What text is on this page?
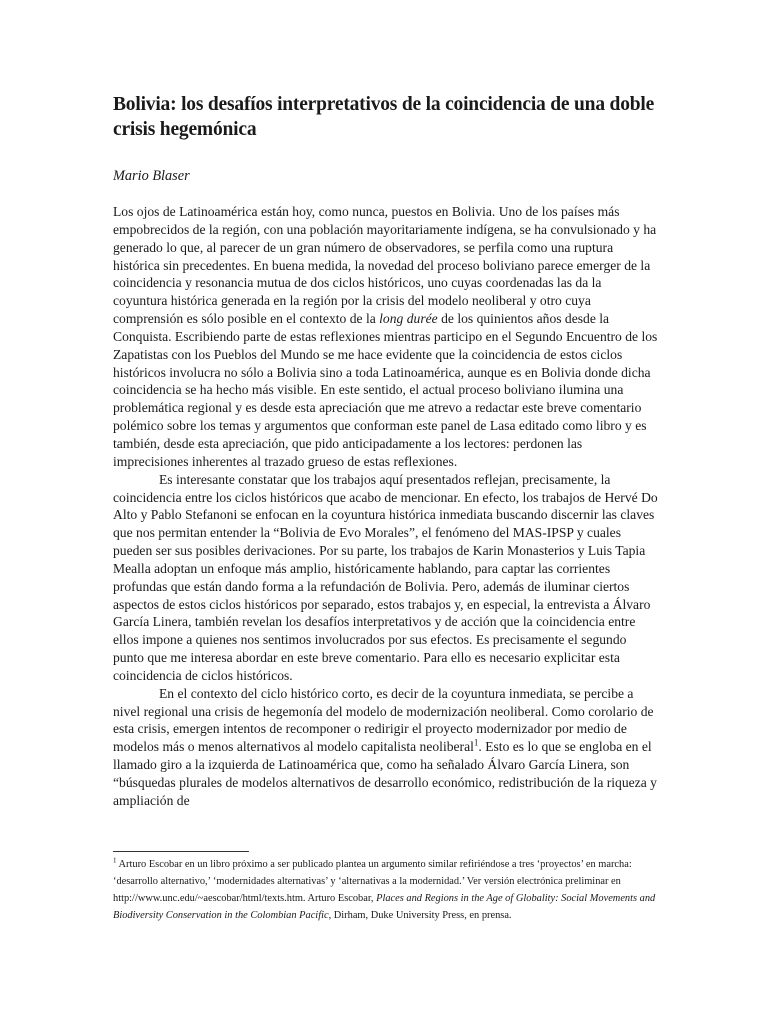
Bolivia: los desafíos interpretativos de la coincidencia de una doble crisis hegemónica
Mario Blaser

Los ojos de Latinoamérica están hoy, como nunca, puestos en Bolivia. Uno de los países más empobrecidos de la región, con una población mayoritariamente indígena, se ha convulsionado y ha generado lo que, al parecer de un gran número de observadores, se perfila como una ruptura histórica sin precedentes. En buena medida, la novedad del proceso boliviano parece emerger de la coincidencia y resonancia mutua de dos ciclos históricos, uno cuyas coordenadas las da la coyuntura histórica generada en la región por la crisis del modelo neoliberal y otro cuya comprensión es sólo posible en el contexto de la long durée de los quinientos años desde la Conquista. Escribiendo parte de estas reflexiones mientras participo en el Segundo Encuentro de los Zapatistas con los Pueblos del Mundo se me hace evidente que la coincidencia de estos ciclos históricos involucra no sólo a Bolivia sino a toda Latinoamérica, aunque es en Bolivia donde dicha coincidencia se ha hecho más visible. En este sentido, el actual proceso boliviano ilumina una problemática regional y es desde esta apreciación que me atrevo a redactar este breve comentario polémico sobre los temas y argumentos que conforman este panel de Lasa editado como libro y es también, desde esta apreciación, que pido anticipadamente a los lectores: perdonen las imprecisiones inherentes al trazado grueso de estas reflexiones.

Es interesante constatar que los trabajos aquí presentados reflejan, precisamente, la coincidencia entre los ciclos históricos que acabo de mencionar. En efecto, los trabajos de Hervé Do Alto y Pablo Stefanoni se enfocan en la coyuntura histórica inmediata buscando discernir las claves que nos permitan entender la “Bolivia de Evo Morales”, el fenómeno del MAS-IPSP y cuales pueden ser sus posibles derivaciones. Por su parte, los trabajos de Karin Monasterios y Luis Tapia Mealla adoptan un enfoque más amplio, históricamente hablando, para captar las corrientes profundas que están dando forma a la refundación de Bolivia. Pero, además de iluminar ciertos aspectos de estos ciclos históricos por separado, estos trabajos y, en especial, la entrevista a Álvaro García Linera, también revelan los desafíos interpretativos y de acción que la coincidencia entre ellos impone a quienes nos sentimos involucrados por sus efectos. Es precisamente el segundo punto que me interesa abordar en este breve comentario. Para ello es necesario explicitar esta coincidencia de ciclos históricos.

En el contexto del ciclo histórico corto, es decir de la coyuntura inmediata, se percibe a nivel regional una crisis de hegemonía del modelo de modernización neoliberal. Como corolario de esta crisis, emergen intentos de recomponer o redirigir el proyecto modernizador por medio de modelos más o menos alternativos al modelo capitalista neoliberal$^1$. Esto es lo que se engloba en el llamado giro a la izquierda de Latinoamérica que, como ha señalado Álvaro García Linera, son “búsquedas plurales de modelos alternativos de desarrollo económico, redistribución de la riqueza y ampliación de

$^1$ Arturo Escobar en un libro próximo a ser publicado plantea un argumento similar refiriéndose a tres ‘proyectos’ en marcha: ‘desarrollo alternativo,’ ‘modernidades alternativas’ y ‘alternativas a la modernidad.’ Ver versión electrónica preliminar en http://www.unc.edu/~aescobar/html/texts.htm. Arturo Escobar, Places and Regions in the Age of Globality: Social Movements and Biodiversity Conservation in the Colombian Pacific, Dirham, Duke University Press, en prensa.
